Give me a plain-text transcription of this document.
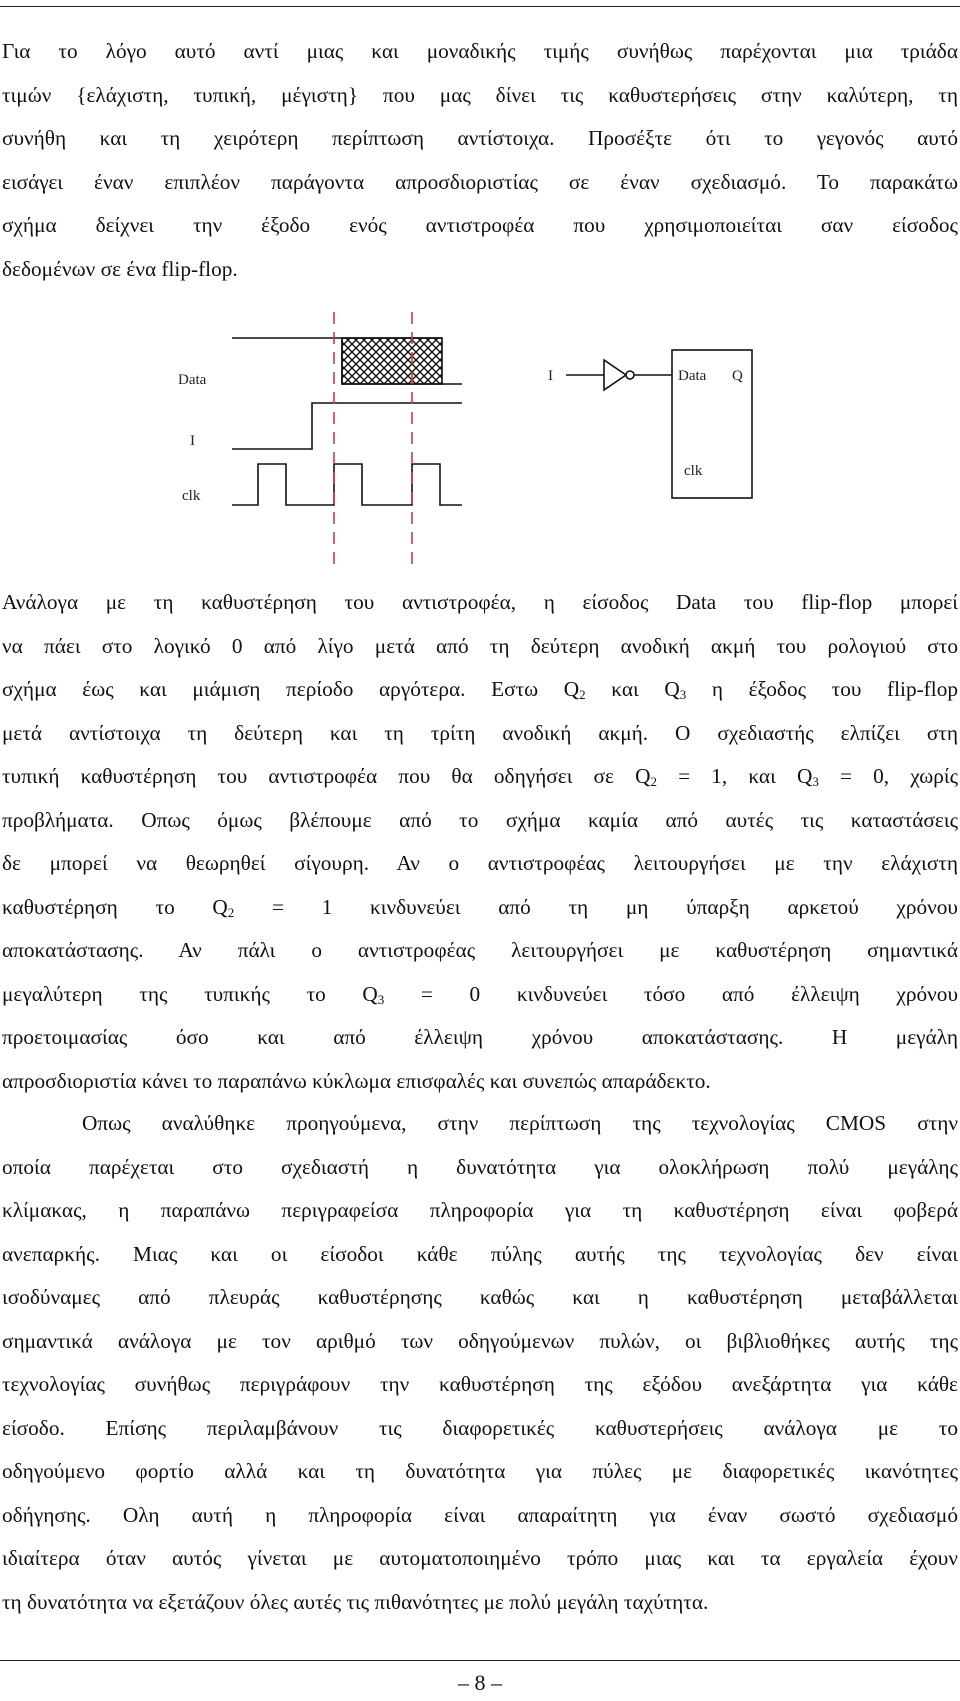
Για το λόγο αυτό αντί μιας και μοναδικής τιμής συνήθως παρέχονται μια τριάδα
τιμών {ελάχιστη, τυπική, μέγιστη} που μας δίνει τις καθυστερήσεις στην καλύτερη, τη
συνήθη και τη χειρότερη περίπτωση αντίστοιχα. Προσέξτε ότι το γεγονός αυτό
εισάγει έναν επιπλέον παράγοντα απροσδιοριστίας σε έναν σχεδιασμό. Το παρακάτω
σχήμα δείχνει την έξοδο ενός αντιστροφέα που χρησιμοποιείται σαν είσοδος
δεδομένων σε ένα flip-flop.
Data
I
clk
I	Data Q
clk
Ανάλογα με τη καθυστέρηση του αντιστροφέα, η είσοδος Data του flip-flop μπορεί
να πάει στο λογικό 0 από λίγο μετά από τη δεύτερη ανοδική ακμή του ρολογιού στο
σχήμα έως και μιάμιση περίοδο αργότερα. Εστω $Q_2$ και $Q_3$ η έξοδος του flip-flop
μετά αντίστοιχα τη δεύτερη και τη τρίτη ανοδική ακμή. Ο σχεδιαστής ελπίζει στη
τυπική καθυστέρηση του αντιστροφέα που θα οδηγήσει σε $Q_2 = 1$, και $Q_3 = 0$, χωρίς
προβλήματα. Οπως όμως βλέπουμε από το σχήμα καμία από αυτές τις καταστάσεις
δε μπορεί να θεωρηθεί σίγουρη. Αν ο αντιστροφέας λειτουργήσει με την ελάχιστη
καθυστέρηση το $Q_2 = 1$ κινδυνεύει από τη μη ύπαρξη αρκετού χρόνου
αποκατάστασης. Αν πάλι ο αντιστροφέας λειτουργήσει με καθυστέρηση σημαντικά
μεγαλύτερη της τυπικής το $Q_3 = 0$ κινδυνεύει τόσο από έλλειψη χρόνου
προετοιμασίας όσο και από έλλειψη χρόνου αποκατάστασης. Η μεγάλη
απροσδιοριστία κάνει το παραπάνω κύκλωμα επισφαλές και συνεπώς απαράδεκτο.
Οπως αναλύθηκε προηγούμενα, στην περίπτωση της τεχνολογίας CMOS στην
οποία παρέχεται στο σχεδιαστή η δυνατότητα για ολοκλήρωση πολύ μεγάλης
κλίμακας, η παραπάνω περιγραφείσα πληροφορία για τη καθυστέρηση είναι φοβερά
ανεπαρκής. Μιας και οι είσοδοι κάθε πύλης αυτής της τεχνολογίας δεν είναι
ισοδύναμες από πλευράς καθυστέρησης καθώς και η καθυστέρηση μεταβάλλεται
σημαντικά ανάλογα με τον αριθμό των οδηγούμενων πυλών, οι βιβλιοθήκες αυτής της
τεχνολογίας συνήθως περιγράφουν την καθυστέρηση της εξόδου ανεξάρτητα για κάθε
είσοδο. Επίσης περιλαμβάνουν τις διαφορετικές καθυστερήσεις ανάλογα με το
οδηγούμενο φορτίο αλλά και τη δυνατότητα για πύλες με διαφορετικές ικανότητες
οδήγησης. Ολη αυτή η πληροφορία είναι απαραίτητη για έναν σωστό σχεδιασμό
ιδιαίτερα όταν αυτός γίνεται με αυτοματοποιημένο τρόπο μιας και τα εργαλεία έχουν
τη δυνατότητα να εξετάζουν όλες αυτές τις πιθανότητες με πολύ μεγάλη ταχύτητα.
– 8 –
